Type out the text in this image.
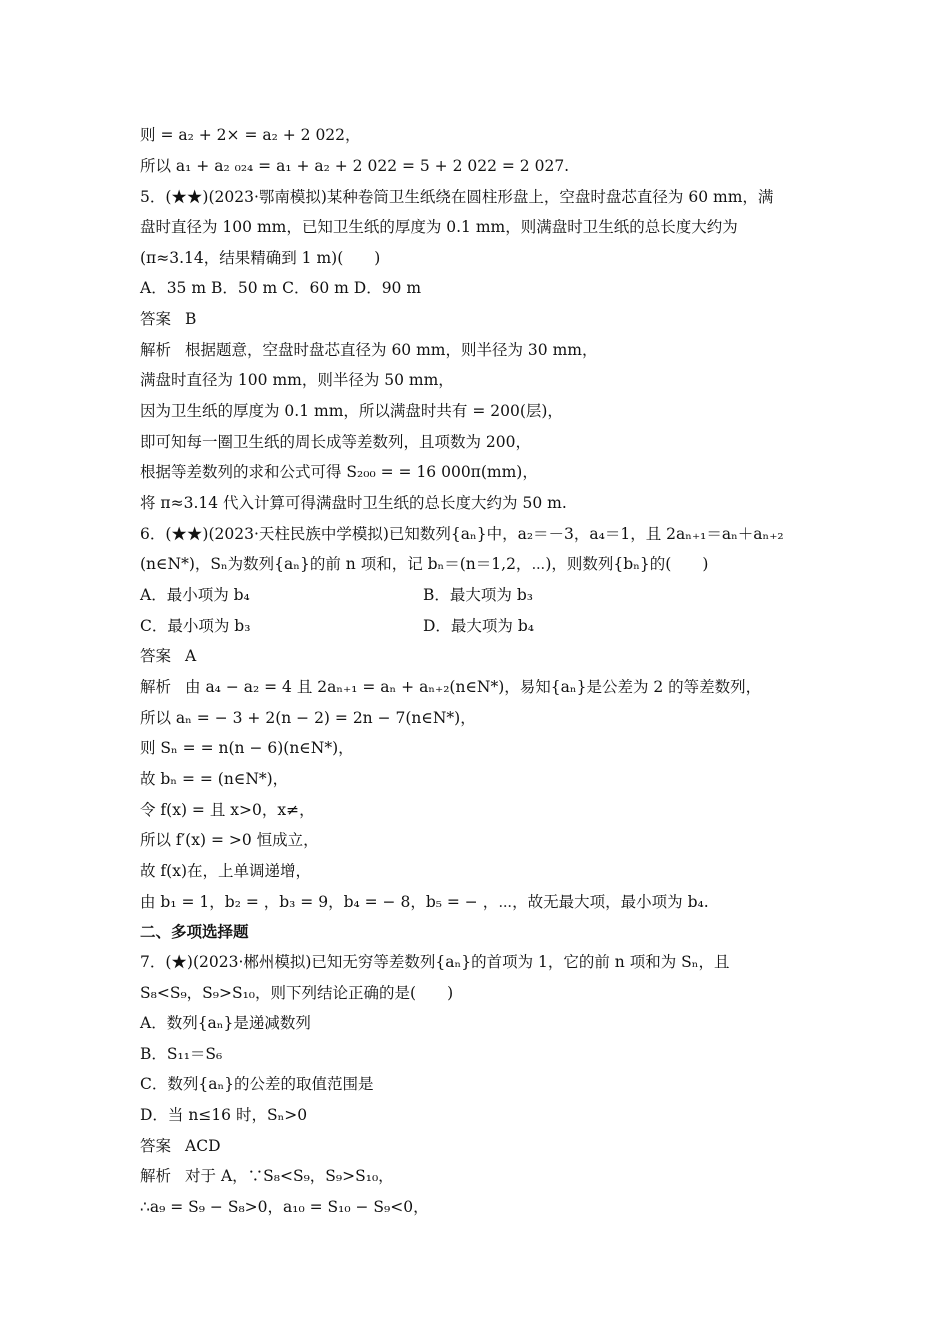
则 = a₂ + 2× = a₂ + 2 022，
所以 a₁ + a₂ ₀₂₄ = a₁ + a₂ + 2 022 = 5 + 2 022 = 2 027.
5．(★★)(2023·鄂南模拟)某种卷筒卫生纸绕在圆柱形盘上，空盘时盘芯直径为 60 mm，满
盘时直径为 100 mm，已知卫生纸的厚度为 0.1 mm，则满盘时卫生纸的总长度大约为
(π≈3.14，结果精确到 1 m)(　　)
A．35 m B．50 m C．60 m D．90 m
答案 B
解析 根据题意，空盘时盘芯直径为 60 mm，则半径为 30 mm，
满盘时直径为 100 mm，则半径为 50 mm，
因为卫生纸的厚度为 0.1 mm，所以满盘时共有 = 200(层)，
即可知每一圈卫生纸的周长成等差数列，且项数为 200，
根据等差数列的求和公式可得 S₂₀₀ = = 16 000π(mm)，
将 π≈3.14 代入计算可得满盘时卫生纸的总长度大约为 50 m.
6．(★★)(2023·天柱民族中学模拟)已知数列{aₙ}中，a₂＝－3，a₄＝1，且 2aₙ₊₁＝aₙ＋aₙ₊₂
(n∈N*)，Sₙ为数列{aₙ}的前 n 项和，记 bₙ＝(n＝1,2，⋯)，则数列{bₙ}的(　　)
A．最小项为 b₄	B．最大项为 b₃
C．最小项为 b₃	D．最大项为 b₄
答案 A
解析 由 a₄ − a₂ = 4 且 2aₙ₊₁ = aₙ + aₙ₊₂(n∈N*)，易知{aₙ}是公差为 2 的等差数列，
所以 aₙ = − 3 + 2(n − 2) = 2n − 7(n∈N*)，
则 Sₙ = = n(n − 6)(n∈N*)，
故 bₙ = = (n∈N*)，
令 f(x) = 且 x>0，x≠，
所以 f′(x) = >0 恒成立，
故 f(x)在，上单调递增，
由 b₁ = 1，b₂ = ，b₃ = 9，b₄ = − 8，b₅ = − ，⋯，故无最大项，最小项为 b₄.
二、多项选择题
7．(★)(2023·郴州模拟)已知无穷等差数列{aₙ}的首项为 1，它的前 n 项和为 Sₙ，且
S₈<S₉，S₉>S₁₀，则下列结论正确的是(　　)
A．数列{aₙ}是递减数列
B．S₁₁＝S₆
C．数列{aₙ}的公差的取值范围是
D．当 n≤16 时，Sₙ>0
答案 ACD
解析 对于 A，∵S₈<S₉，S₉>S₁₀，
∴a₉ = S₉ − S₈>0，a₁₀ = S₁₀ − S₉<0，
